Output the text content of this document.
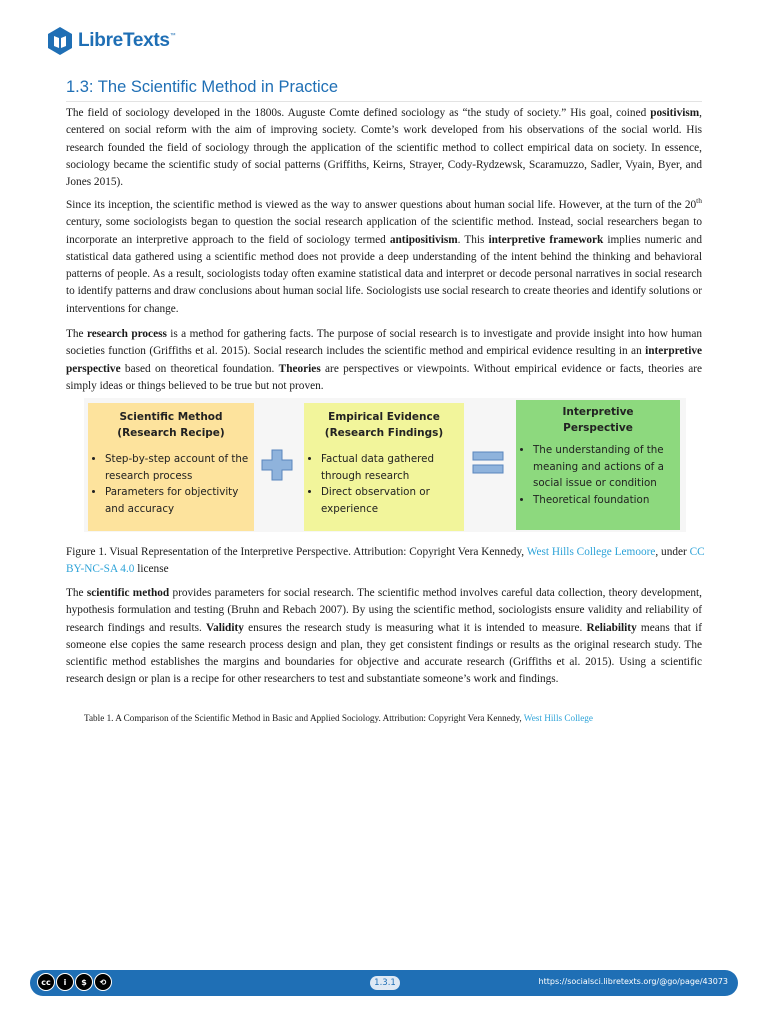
LibreTexts™
1.3: The Scientific Method in Practice

The field of sociology developed in the 1800s. Auguste Comte defined sociology as “the study of society.” His goal, coined positivism, centered on social reform with the aim of improving society. Comte’s work developed from his observations of the social world. His research founded the field of sociology through the application of the scientific method to collect empirical data on society. In essence, sociology became the scientific study of social patterns (Griffiths, Keirns, Strayer, Cody-Rydzewsk, Scaramuzzo, Sadler, Vyain, Byer, and Jones 2015).

Since its inception, the scientific method is viewed as the way to answer questions about human social life. However, at the turn of the 20th century, some sociologists began to question the social research application of the scientific method. Instead, social researchers began to incorporate an interpretive approach to the field of sociology termed antipositivism. This interpretive framework implies numeric and statistical data gathered using a scientific method does not provide a deep understanding of the intent behind the thinking and behavioral patterns of people. As a result, sociologists today often examine statistical data and interpret or decode personal narratives in social research to identify patterns and draw conclusions about human social life. Sociologists use social research to create theories and identify solutions or interventions for change.

The research process is a method for gathering facts. The purpose of social research is to investigate and provide insight into how human societies function (Griffiths et al. 2015). Social research includes the scientific method and empirical evidence resulting in an interpretive perspective based on theoretical foundation. Theories are perspectives or viewpoints. Without empirical evidence or facts, theories are simply ideas or things believed to be true but not proven.

Scientific Method
(Research Recipe)
• Step-by-step account of the research process
• Parameters for objectivity and accuracy
Empirical Evidence
(Research Findings)
• Factual data gathered through research
• Direct observation or experience
Interpretive
Perspective
• The understanding of the meaning and actions of a social issue or condition
• Theoretical foundation

Figure 1. Visual Representation of the Interpretive Perspective. Attribution: Copyright Vera Kennedy, West Hills College Lemoore, under CC BY-NC-SA 4.0 license

The scientific method provides parameters for social research. The scientific method involves careful data collection, theory development, hypothesis formulation and testing (Bruhn and Rebach 2007). By using the scientific method, sociologists ensure validity and reliability of research findings and results. Validity ensures the research study is measuring what it is intended to measure. Reliability means that if someone else copies the same research process design and plan, they get consistent findings or results as the original research study. The scientific method establishes the margins and boundaries for objective and accurate research (Griffiths et al. 2015). Using a scientific research design or plan is a recipe for other researchers to test and substantiate someone’s work and findings.

Table 1. A Comparison of the Scientific Method in Basic and Applied Sociology. Attribution: Copyright Vera Kennedy, West Hills College

cc	i	$	⟲	1.3.1	https://socialsci.libretexts.org/@go/page/43073
